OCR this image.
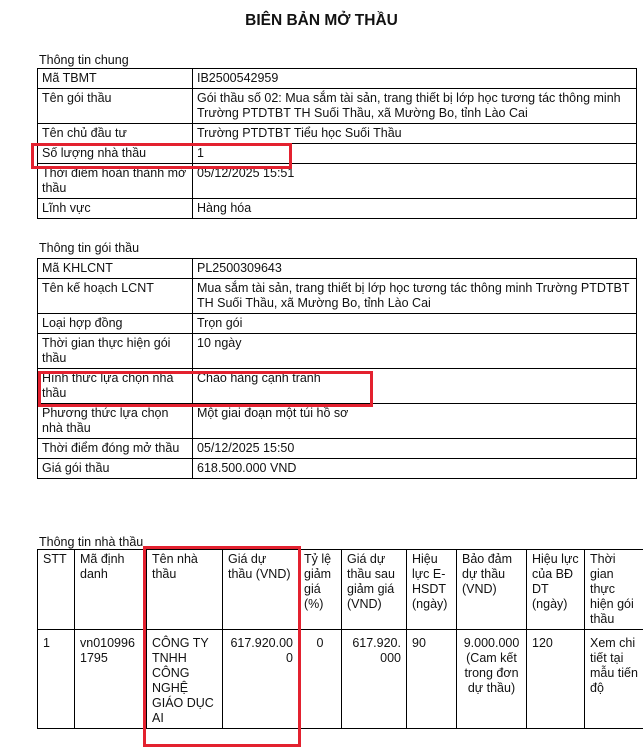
BIÊN BẢN MỞ THẦU
Thông tin chung
Mã TBMT	IB2500542959
Tên gói thầu	Gói thầu số 02: Mua sắm tài sản, trang thiết bị lớp học tương tác thông minh Trường PTDTBT TH Suối Thầu, xã Mường Bo, tỉnh Lào Cai
Tên chủ đầu tư	Trường PTDTBT Tiểu học Suối Thầu
Số lượng nhà thầu	1
Thời điểm hoàn thành mở thầu	05/12/2025 15:51
Lĩnh vực	Hàng hóa
Thông tin gói thầu
Mã KHLCNT	PL2500309643
Tên kế hoạch LCNT	Mua sắm tài sản, trang thiết bị lớp học tương tác thông minh Trường PTDTBT TH Suối Thầu, xã Mường Bo, tỉnh Lào Cai
Loại hợp đồng	Trọn gói
Thời gian thực hiện gói thầu	10 ngày
Hình thức lựa chọn nhà thầu	Chào hàng cạnh tranh
Phương thức lựa chọn nhà thầu	Một giai đoạn một túi hồ sơ
Thời điểm đóng mở thầu	05/12/2025 15:50
Giá gói thầu	618.500.000 VND
Thông tin nhà thầu
STT	Mã định danh	Tên nhà thầu	Giá dự thầu (VND)	Tỷ lệ giảm giá (%)	Giá dự thầu sau giảm giá (VND)	Hiệu lực E-HSDT (ngày)	Bảo đảm dự thầu (VND)	Hiệu lực của BĐ DT (ngày)	Thời gian thực hiện gói thầu
1	vn0109961795	CÔNG TY TNHH CÔNG NGHỆ GIÁO DỤC AI	617.920.000	0	617.920.000	90	9.000.000 (Cam kết trong đơn dự thầu)	120	Xem chi tiết tại mẫu tiến độ
